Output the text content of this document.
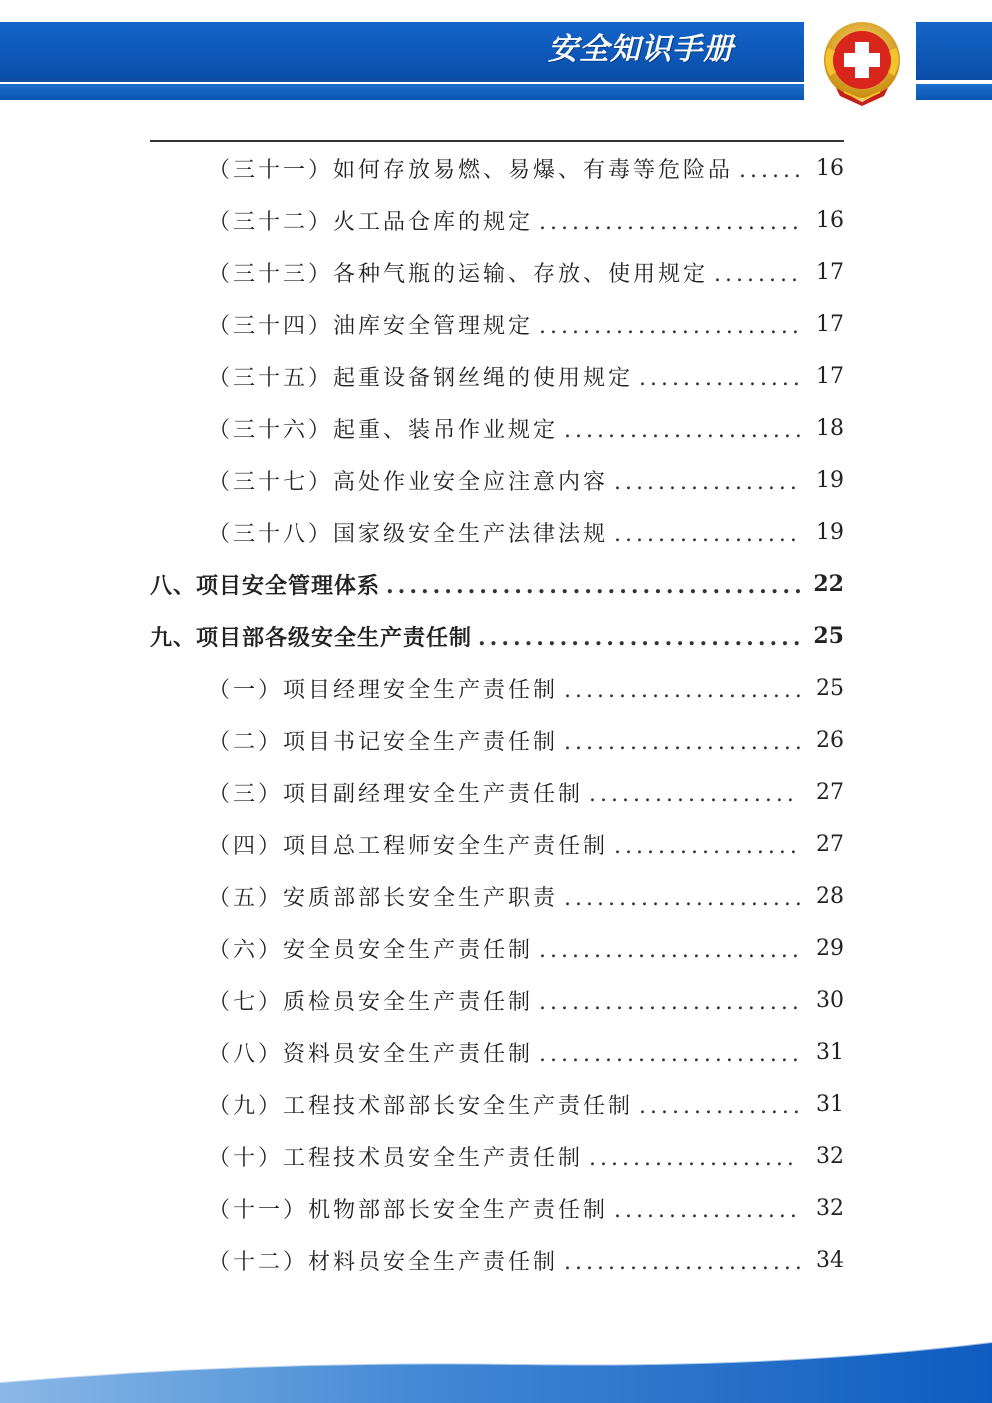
安全知识手册
（三十一）如何存放易燃、易爆、有毒等危险品 .....	16
（三十二）火工品仓库的规定 .....	16
（三十三）各种气瓶的运输、存放、使用规定 .....	17
（三十四）油库安全管理规定 .....	17
（三十五）起重设备钢丝绳的使用规定 .....	17
（三十六）起重、装吊作业规定 .....	18
（三十七）高处作业安全应注意内容 .....	19
（三十八）国家级安全生产法律法规 .....	19
八、项目安全管理体系 .....	22
九、项目部各级安全生产责任制 .....	25
（一）项目经理安全生产责任制 .....	25
（二）项目书记安全生产责任制 .....	26
（三）项目副经理安全生产责任制 .....	27
（四）项目总工程师安全生产责任制 .....	27
（五）安质部部长安全生产职责 .....	28
（六）安全员安全生产责任制 .....	29
（七）质检员安全生产责任制 .....	30
（八）资料员安全生产责任制 .....	31
（九）工程技术部部长安全生产责任制 .....	31
（十）工程技术员安全生产责任制 .....	32
（十一）机物部部长安全生产责任制 .....	32
（十二）材料员安全生产责任制 .....	34
